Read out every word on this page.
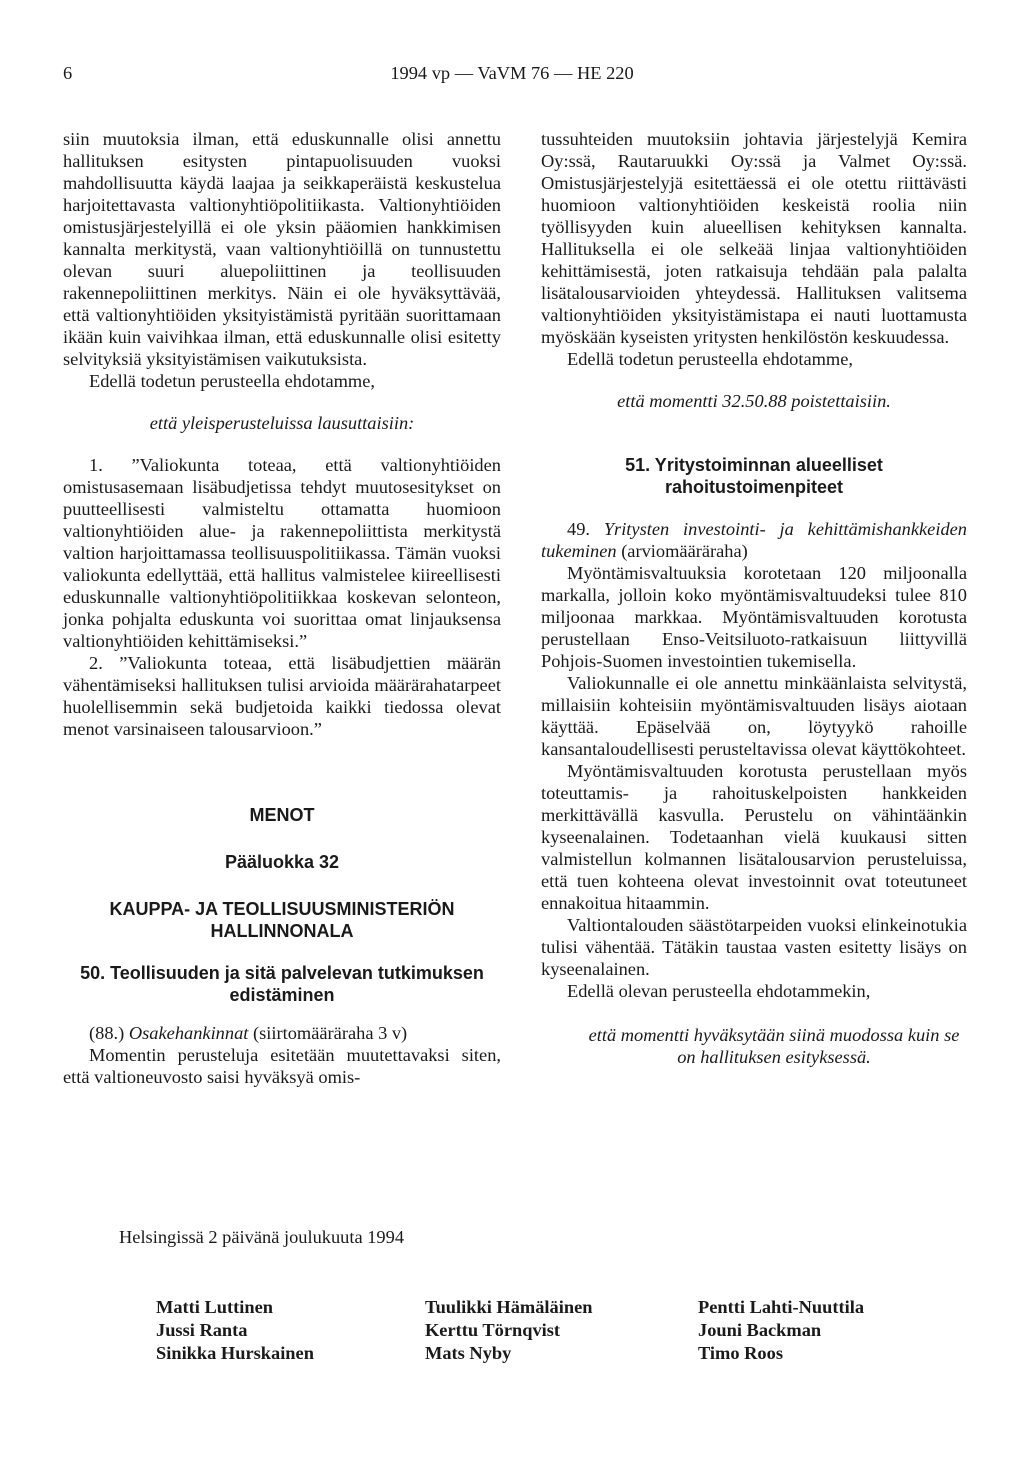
6	1994 vp — VaVM 76 — HE 220

siin muutoksia ilman, että eduskunnalle olisi annettu hallituksen esitysten pintapuolisuuden vuoksi mahdollisuutta käydä laajaa ja seikkaperäistä keskustelua harjoitettavasta valtionyhtiöpolitiikasta. Valtionyhtiöiden omistusjärjestelyillä ei ole yksin pääomien hankkimisen kannalta merkitystä, vaan valtionyhtiöillä on tunnustettu olevan suuri aluepoliittinen ja teollisuuden rakennepoliittinen merkitys. Näin ei ole hyväksyttävää, että valtionyhtiöiden yksityistämistä pyritään suorittamaan ikään kuin vaivihkaa ilman, että eduskunnalle olisi esitetty selvityksiä yksityistämisen vaikutuksista.

Edellä todetun perusteella ehdotamme,

että yleisperusteluissa lausuttaisiin:

1. ”Valiokunta toteaa, että valtionyhtiöiden omistusasemaan lisäbudjetissa tehdyt muutosesitykset on puutteellisesti valmisteltu ottamatta huomioon valtionyhtiöiden alue- ja rakennepoliittista merkitystä valtion harjoittamassa teollisuuspolitiikassa. Tämän vuoksi valiokunta edellyttää, että hallitus valmistelee kiireellisesti eduskunnalle valtionyhtiöpolitiikkaa koskevan selonteon, jonka pohjalta eduskunta voi suorittaa omat linjauksensa valtionyhtiöiden kehittämiseksi.”

2. ”Valiokunta toteaa, että lisäbudjettien määrän vähentämiseksi hallituksen tulisi arvioida määrärahatarpeet huolellisemmin sekä budjetoida kaikki tiedossa olevat menot varsinaiseen talousarvioon.”

MENOT

Pääluokka 32

KAUPPA- JA TEOLLISUUSMINISTERIÖN HALLINNONALA

50. Teollisuuden ja sitä palvelevan tutkimuksen edistäminen

(88.) Osakehankinnat (siirtomääräraha 3 v)

Momentin perusteluja esitetään muutettavaksi siten, että valtioneuvosto saisi hyväksyä omis-

tussuhteiden muutoksiin johtavia järjestelyjä Kemira Oy:ssä, Rautaruukki Oy:ssä ja Valmet Oy:ssä. Omistusjärjestelyjä esitettäessä ei ole otettu riittävästi huomioon valtionyhtiöiden keskeistä roolia niin työllisyyden kuin alueellisen kehityksen kannalta. Hallituksella ei ole selkeää linjaa valtionyhtiöiden kehittämisestä, joten ratkaisuja tehdään pala palalta lisätalousarvioiden yhteydessä. Hallituksen valitsema valtionyhtiöiden yksityistämistapa ei nauti luottamusta myöskään kyseisten yritysten henkilöstön keskuudessa.

Edellä todetun perusteella ehdotamme,

että momentti 32.50.88 poistettaisiin.

51. Yritystoiminnan alueelliset rahoitustoimenpiteet

49. Yritysten investointi- ja kehittämishankkeiden tukeminen (arviomääräraha)

Myöntämisvaltuuksia korotetaan 120 miljoonalla markalla, jolloin koko myöntämisvaltuudeksi tulee 810 miljoonaa markkaa. Myöntämisvaltuuden korotusta perustellaan Enso-Veitsiluoto-ratkaisuun liittyvillä Pohjois-Suomen investointien tukemisella.

Valiokunnalle ei ole annettu minkäänlaista selvitystä, millaisiin kohteisiin myöntämisvaltuuden lisäys aiotaan käyttää. Epäselvää on, löytyykö rahoille kansantaloudellisesti perusteltavissa olevat käyttökohteet.

Myöntämisvaltuuden korotusta perustellaan myös toteuttamis- ja rahoituskelpoisten hankkeiden merkittävällä kasvulla. Perustelu on vähintäänkin kyseenalainen. Todetaanhan vielä kuukausi sitten valmistellun kolmannen lisätalousarvion perusteluissa, että tuen kohteena olevat investoinnit ovat toteutuneet ennakoitua hitaammin.

Valtiontalouden säästötarpeiden vuoksi elinkeinotukia tulisi vähentää. Tätäkin taustaa vasten esitetty lisäys on kyseenalainen.

Edellä olevan perusteella ehdotammekin,

että momentti hyväksytään siinä muodossa kuin se on hallituksen esityksessä.

Helsingissä 2 päivänä joulukuuta 1994
Matti Luttinen
Jussi Ranta
Sinikka Hurskainen
Tuulikki Hämäläinen
Kerttu Törnqvist
Mats Nyby
Pentti Lahti-Nuuttila
Jouni Backman
Timo Roos
